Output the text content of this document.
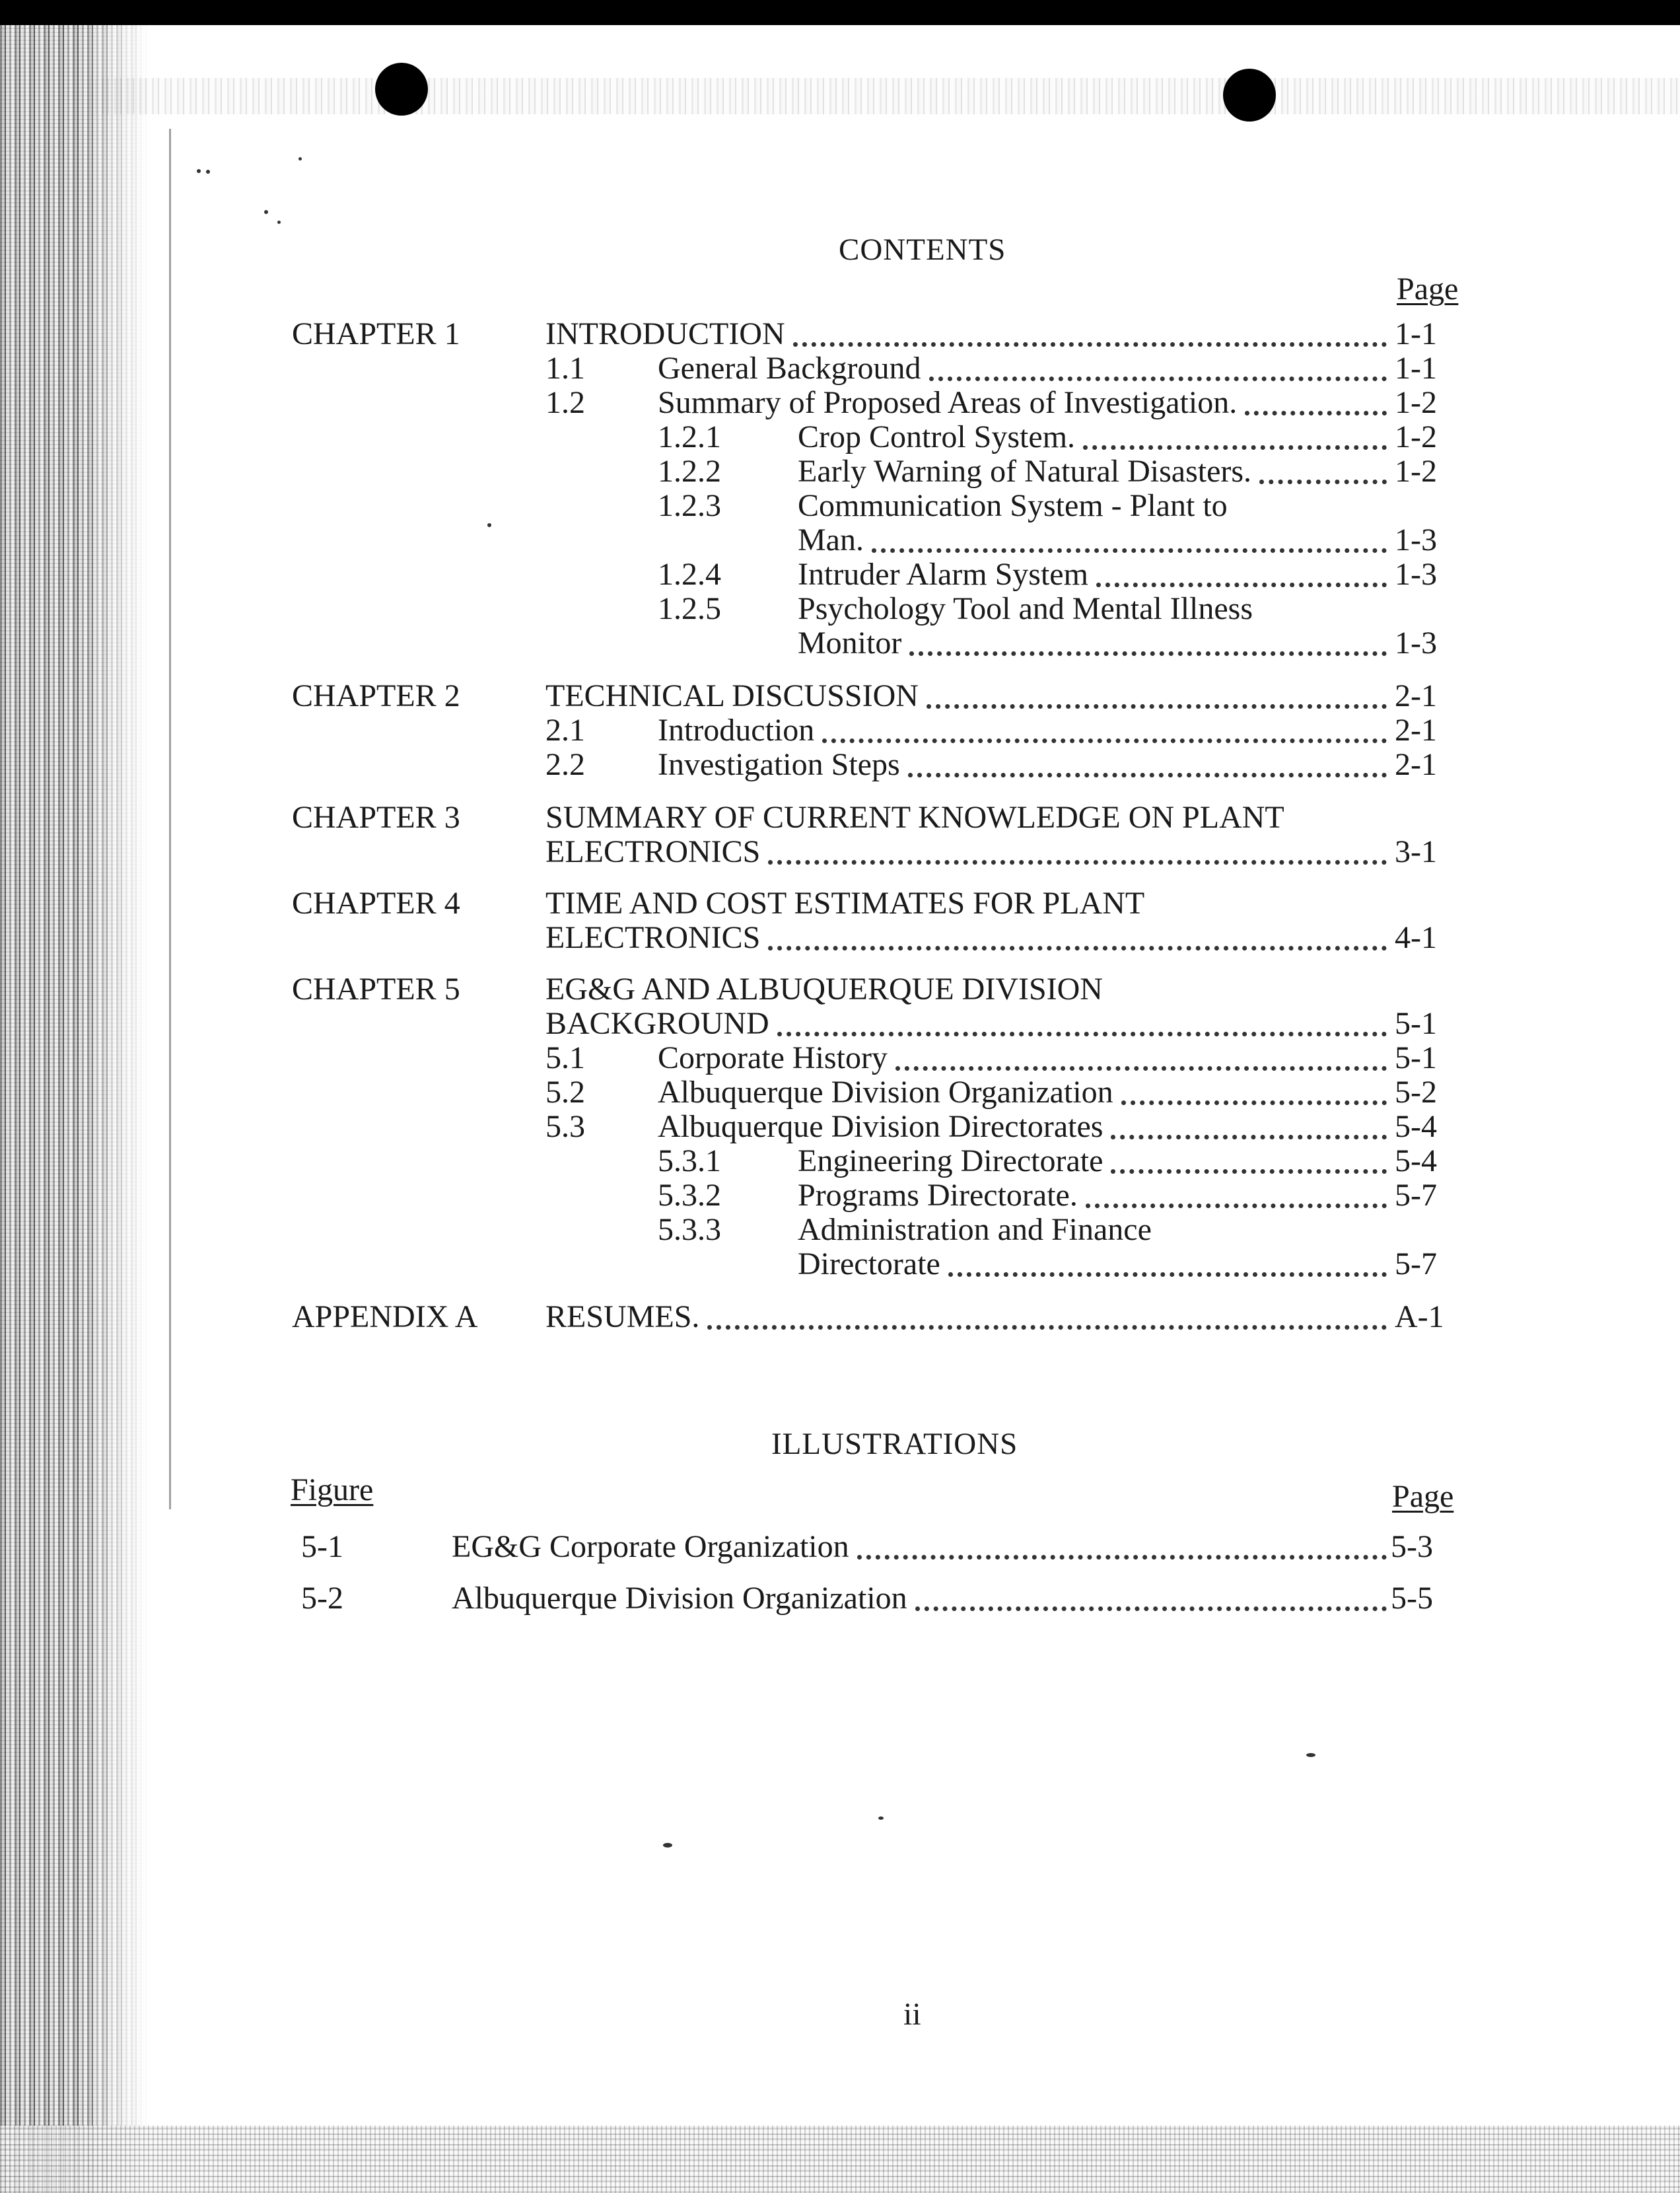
CONTENTS
Page
CHAPTER 1	INTRODUCTION	1-1
1.1 General Background	1-1
1.2 Summary of Proposed Areas of Investigation.	1-2
1.2.1 Crop Control System.	1-2
1.2.2 Early Warning of Natural Disasters.	1-2
1.2.3 Communication System - Plant to
Man.	1-3
1.2.4 Intruder Alarm System	1-3
1.2.5 Psychology Tool and Mental Illness
Monitor	1-3
CHAPTER 2	TECHNICAL DISCUSSION	2-1
2.1 Introduction	2-1
2.2 Investigation Steps	2-1
CHAPTER 3	SUMMARY OF CURRENT KNOWLEDGE ON PLANT
ELECTRONICS	3-1
CHAPTER 4	TIME AND COST ESTIMATES FOR PLANT
ELECTRONICS	4-1
CHAPTER 5	EG&G AND ALBUQUERQUE DIVISION
BACKGROUND	5-1
5.1 Corporate History	5-1
5.2 Albuquerque Division Organization	5-2
5.3 Albuquerque Division Directorates	5-4
5.3.1 Engineering Directorate	5-4
5.3.2 Programs Directorate.	5-7
5.3.3 Administration and Finance
Directorate	5-7
APPENDIX A RESUMES.	A-1
ILLUSTRATIONS
Figure	Page
5-1	EG&G Corporate Organization	5-3
5-2	Albuquerque Division Organization	5-5
ii
